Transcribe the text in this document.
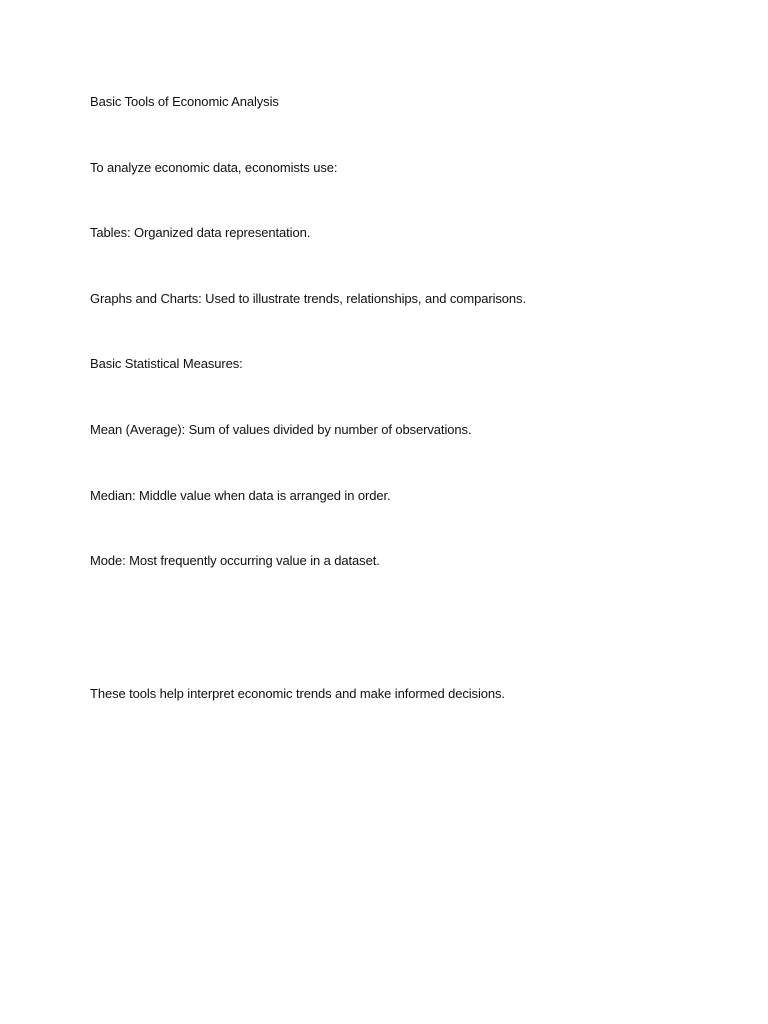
Basic Tools of Economic Analysis

To analyze economic data, economists use:

Tables: Organized data representation.

Graphs and Charts: Used to illustrate trends, relationships, and comparisons.

Basic Statistical Measures:

Mean (Average): Sum of values divided by number of observations.

Median: Middle value when data is arranged in order.

Mode: Most frequently occurring value in a dataset.

These tools help interpret economic trends and make informed decisions.
